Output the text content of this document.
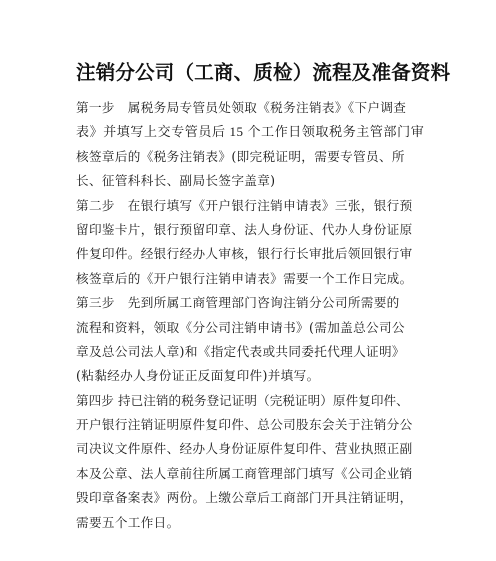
注销分公司（工商、质检）流程及准备资料
第一步　属税务局专管员处领取《税务注销表》《下户调查
表》并填写上交专管员后 15 个工作日领取税务主管部门审
核签章后的《税务注销表》(即完税证明，需要专管员、所
长、征管科科长、副局长签字盖章)
第二步　在银行填写《开户银行注销申请表》三张，银行预
留印鉴卡片，银行预留印章、法人身份证、代办人身份证原
件复印件。经银行经办人审核，银行行长审批后领回银行审
核签章后的《开户银行注销申请表》需要一个工作日完成。
第三步　先到所属工商管理部门咨询注销分公司所需要的
流程和资料，领取《分公司注销申请书》(需加盖总公司公
章及总公司法人章)和《指定代表或共同委托代理人证明》
(粘黏经办人身份证正反面复印件)并填写。
第四步 持已注销的税务登记证明（完税证明）原件复印件、
开户银行注销证明原件复印件、总公司股东会关于注销分公
司决议文件原件、经办人身份证原件复印件、营业执照正副
本及公章、法人章前往所属工商管理部门填写《公司企业销
毁印章备案表》两份。上缴公章后工商部门开具注销证明，
需要五个工作日。
